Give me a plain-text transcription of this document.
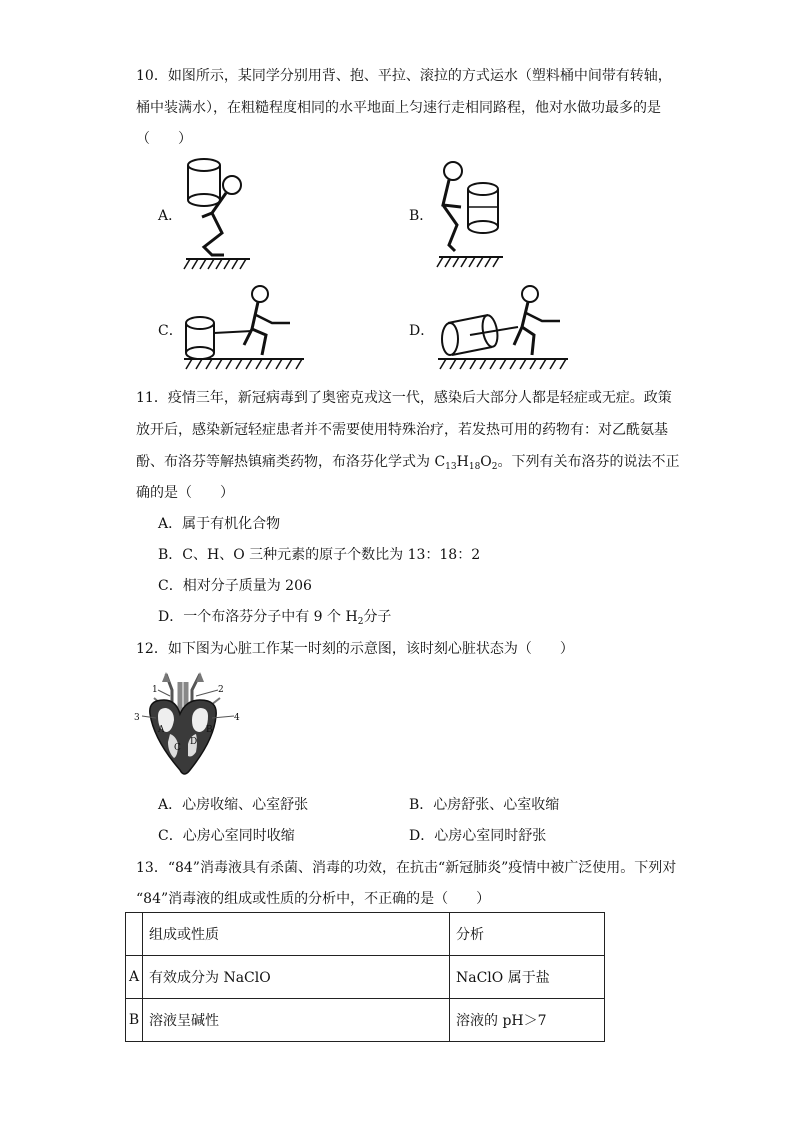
10．如图所示，某同学分别用背、抱、平拉、滚拉的方式运水（塑料桶中间带有转轴，
桶中装满水），在粗糙程度相同的水平地面上匀速行走相同路程，他对水做功最多的是
（　　）
A．	B．
C．	D．
11．疫情三年，新冠病毒到了奥密克戎这一代，感染后大部分人都是轻症或无症。政策
放开后，感染新冠轻症患者并不需要使用特殊治疗，若发热可用的药物有：对乙酰氨基
酚、布洛芬等解热镇痛类药物，布洛芬化学式为 $C_{13}H_{18}O_2$。下列有关布洛芬的说法不正
确的是（　　）
A．属于有机化合物
B．C、H、O 三种元素的原子个数比为 13：18：2
C．相对分子质量为 206
D．一个布洛芬分子中有 9 个 $H_2$分子
12．如下图为心脏工作某一时刻的示意图，该时刻心脏状态为（　　）
1	2
3	4
A	B
C
D
A．心房收缩、心室舒张	B．心房舒张、心室收缩
C．心房心室同时收缩	D．心房心室同时舒张
13．“84”消毒液具有杀菌、消毒的功效，在抗击“新冠肺炎”疫情中被广泛使用。下列对
“84”消毒液的组成或性质的分析中，不正确的是（　　）
	组成或性质	分析
A	有效成分为 NaClO	NaClO 属于盐
B	溶液呈碱性	溶液的 pH＞7
